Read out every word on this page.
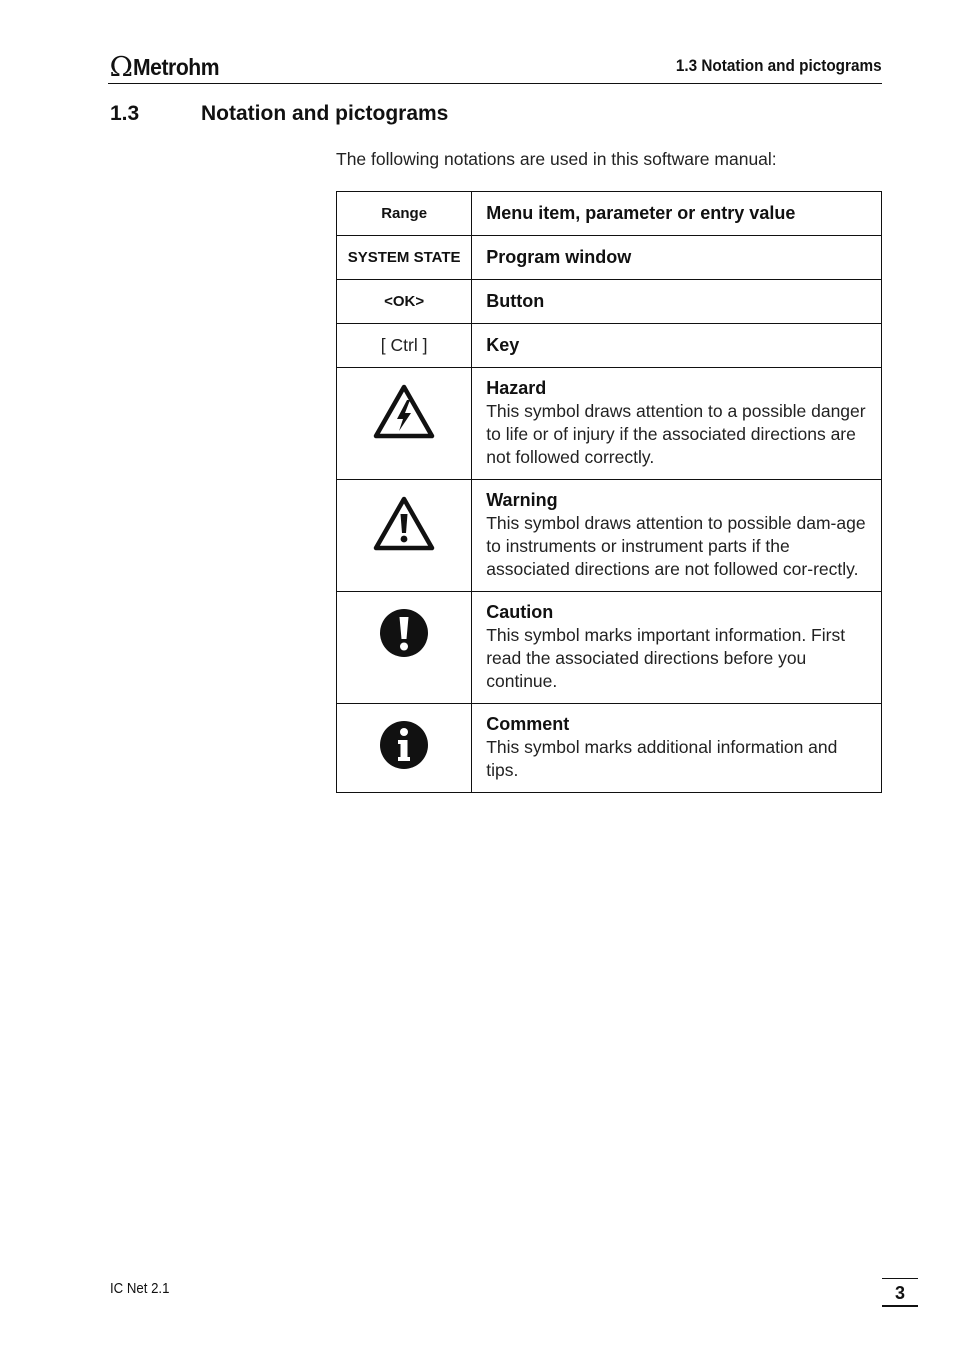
Ω Metrohm	1.3 Notation and pictograms
1.3	Notation and pictograms
The following notations are used in this software manual:
Range	Menu item, parameter or entry value
SYSTEM STATE	Program window
<OK>	Button
[ Ctrl ]	Key

Hazard
This symbol draws attention to a possible danger to life or of injury if the associated directions are not followed correctly.

Warning
This symbol draws attention to possible dam-age to instruments or instrument parts if the associated directions are not followed cor-rectly.

Caution
This symbol marks important information. First read the associated directions before you continue.

Comment
This symbol marks additional information and tips.
IC Net 2.1	3
